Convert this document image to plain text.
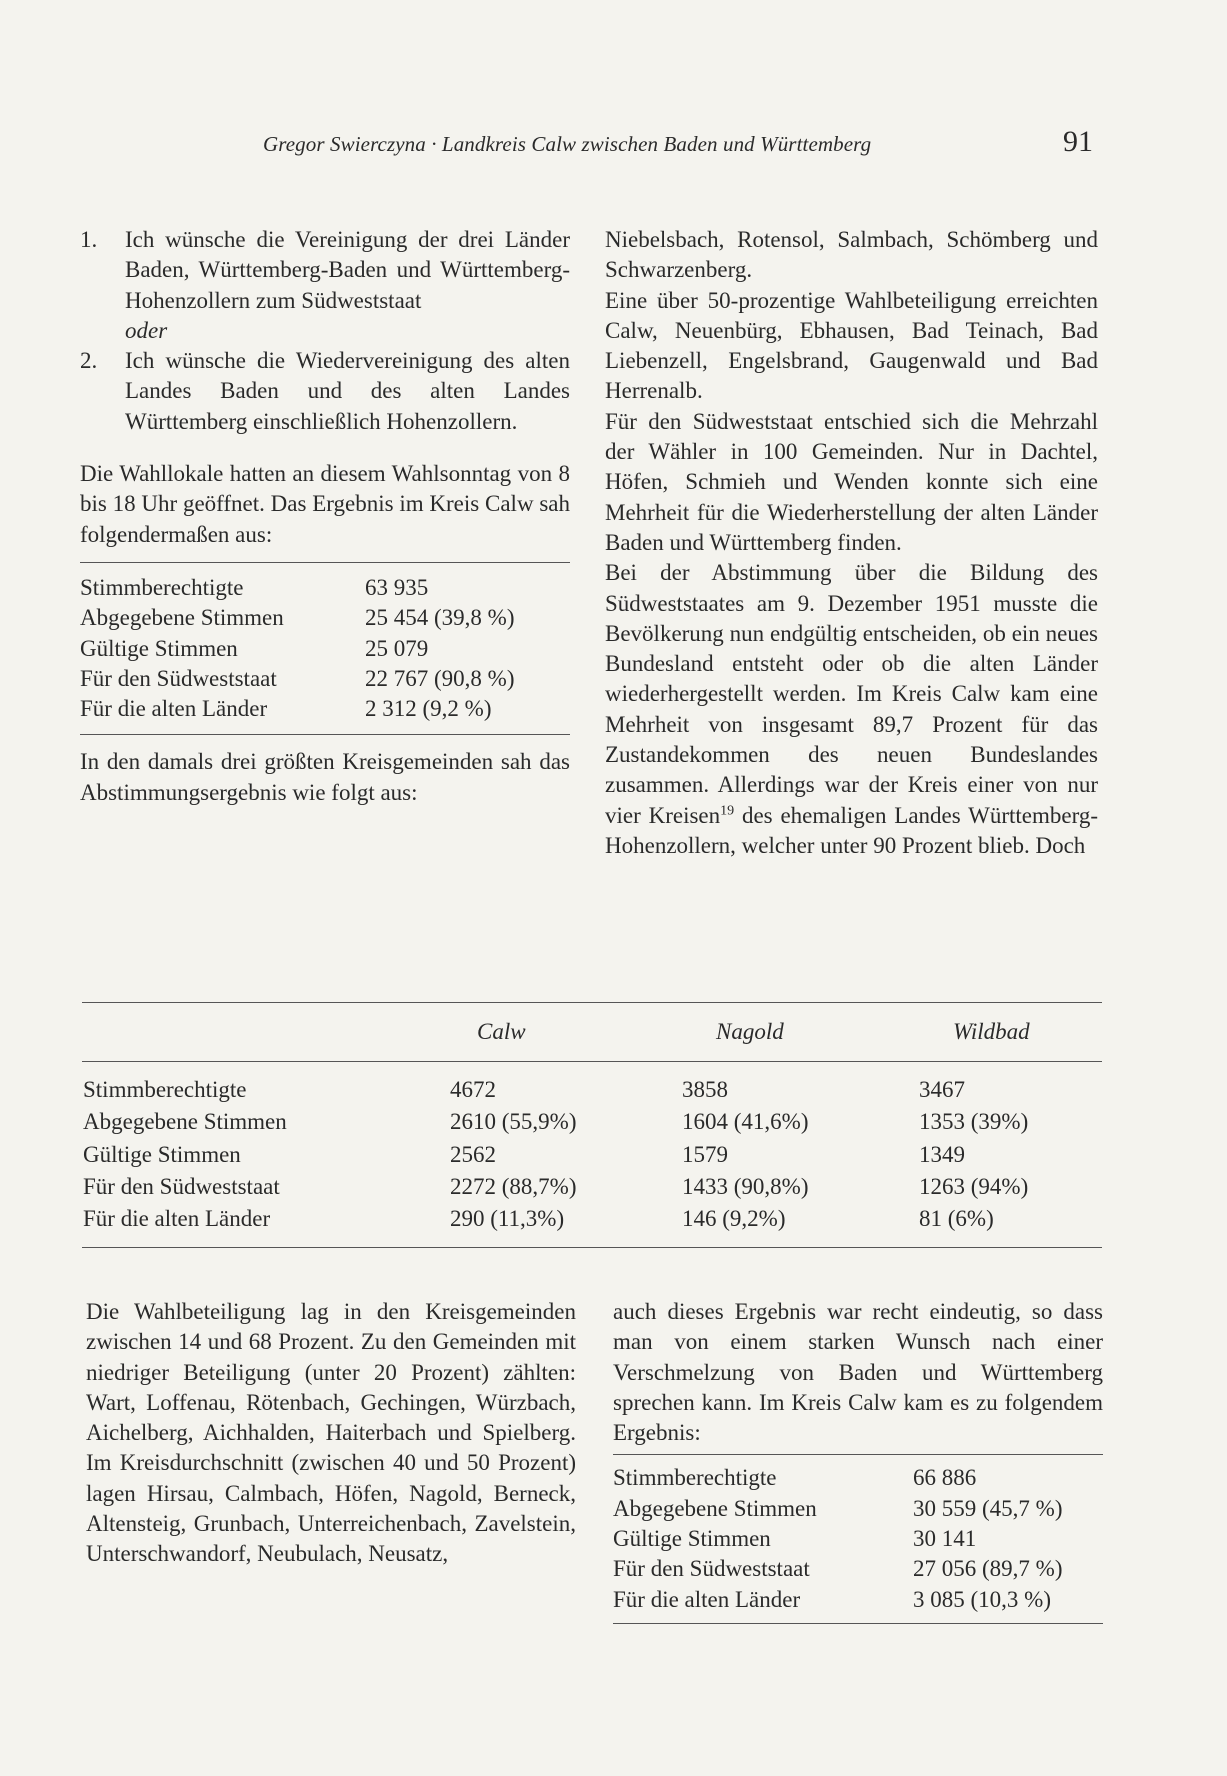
Gregor Swierczyna · Landkreis Calw zwischen Baden und Württemberg	91
1.	Ich wünsche die Vereinigung der drei Länder Baden, Württemberg-Baden und Württemberg-Hohenzollern zum Südweststaat
oder
2.	Ich wünsche die Wiedervereinigung des alten Landes Baden und des alten Landes Württemberg einschließlich Hohenzollern.

Die Wahllokale hatten an diesem Wahlsonntag von 8 bis 18 Uhr geöffnet. Das Ergebnis im Kreis Calw sah folgendermaßen aus:

Stimmberechtigte	63 935
Abgegebene Stimmen	25 454 (39,8 %)
Gültige Stimmen	25 079
Für den Südweststaat	22 767 (90,8 %)
Für die alten Länder	2 312 (9,2 %)

In den damals drei größten Kreisgemeinden sah das Abstimmungsergebnis wie folgt aus:

Niebelsbach, Rotensol, Salmbach, Schömberg und Schwarzenberg.

Eine über 50-prozentige Wahlbeteiligung erreichten Calw, Neuenbürg, Ebhausen, Bad Teinach, Bad Liebenzell, Engelsbrand, Gaugenwald und Bad Herrenalb.

Für den Südweststaat entschied sich die Mehrzahl der Wähler in 100 Gemeinden. Nur in Dachtel, Höfen, Schmieh und Wenden konnte sich eine Mehrheit für die Wiederherstellung der alten Länder Baden und Württemberg finden.

Bei der Abstimmung über die Bildung des Südweststaates am 9. Dezember 1951 musste die Bevölkerung nun endgültig entscheiden, ob ein neues Bundesland entsteht oder ob die alten Länder wiederhergestellt werden. Im Kreis Calw kam eine Mehrheit von insgesamt 89,7 Prozent für das Zustandekommen des neuen Bundeslandes zusammen. Allerdings war der Kreis einer von nur vier Kreisen$^{19}$ des ehemaligen Landes Württemberg-Hohenzollern, welcher unter 90 Prozent blieb. Doch

	Calw	Nagold	Wildbad
Stimmberechtigte	4672	3858	3467
Abgegebene Stimmen	2610 (55,9%)	1604 (41,6%)	1353 (39%)
Gültige Stimmen	2562	1579	1349
Für den Südweststaat	2272 (88,7%)	1433 (90,8%)	1263 (94%)
Für die alten Länder	290 (11,3%)	146 (9,2%)	81 (6%)

Die Wahlbeteiligung lag in den Kreisgemeinden zwischen 14 und 68 Prozent. Zu den Gemeinden mit niedriger Beteiligung (unter 20 Prozent) zählten: Wart, Loffenau, Rötenbach, Gechingen, Würzbach, Aichelberg, Aichhalden, Haiterbach und Spielberg. Im Kreisdurchschnitt (zwischen 40 und 50 Prozent) lagen Hirsau, Calmbach, Höfen, Nagold, Berneck, Altensteig, Grunbach, Unterreichenbach, Zavelstein, Unterschwandorf, Neubulach, Neusatz,

auch dieses Ergebnis war recht eindeutig, so dass man von einem starken Wunsch nach einer Verschmelzung von Baden und Württemberg sprechen kann. Im Kreis Calw kam es zu folgendem Ergebnis:

Stimmberechtigte	66 886
Abgegebene Stimmen	30 559 (45,7 %)
Gültige Stimmen	30 141
Für den Südweststaat	27 056 (89,7 %)
Für die alten Länder	3 085 (10,3 %)
